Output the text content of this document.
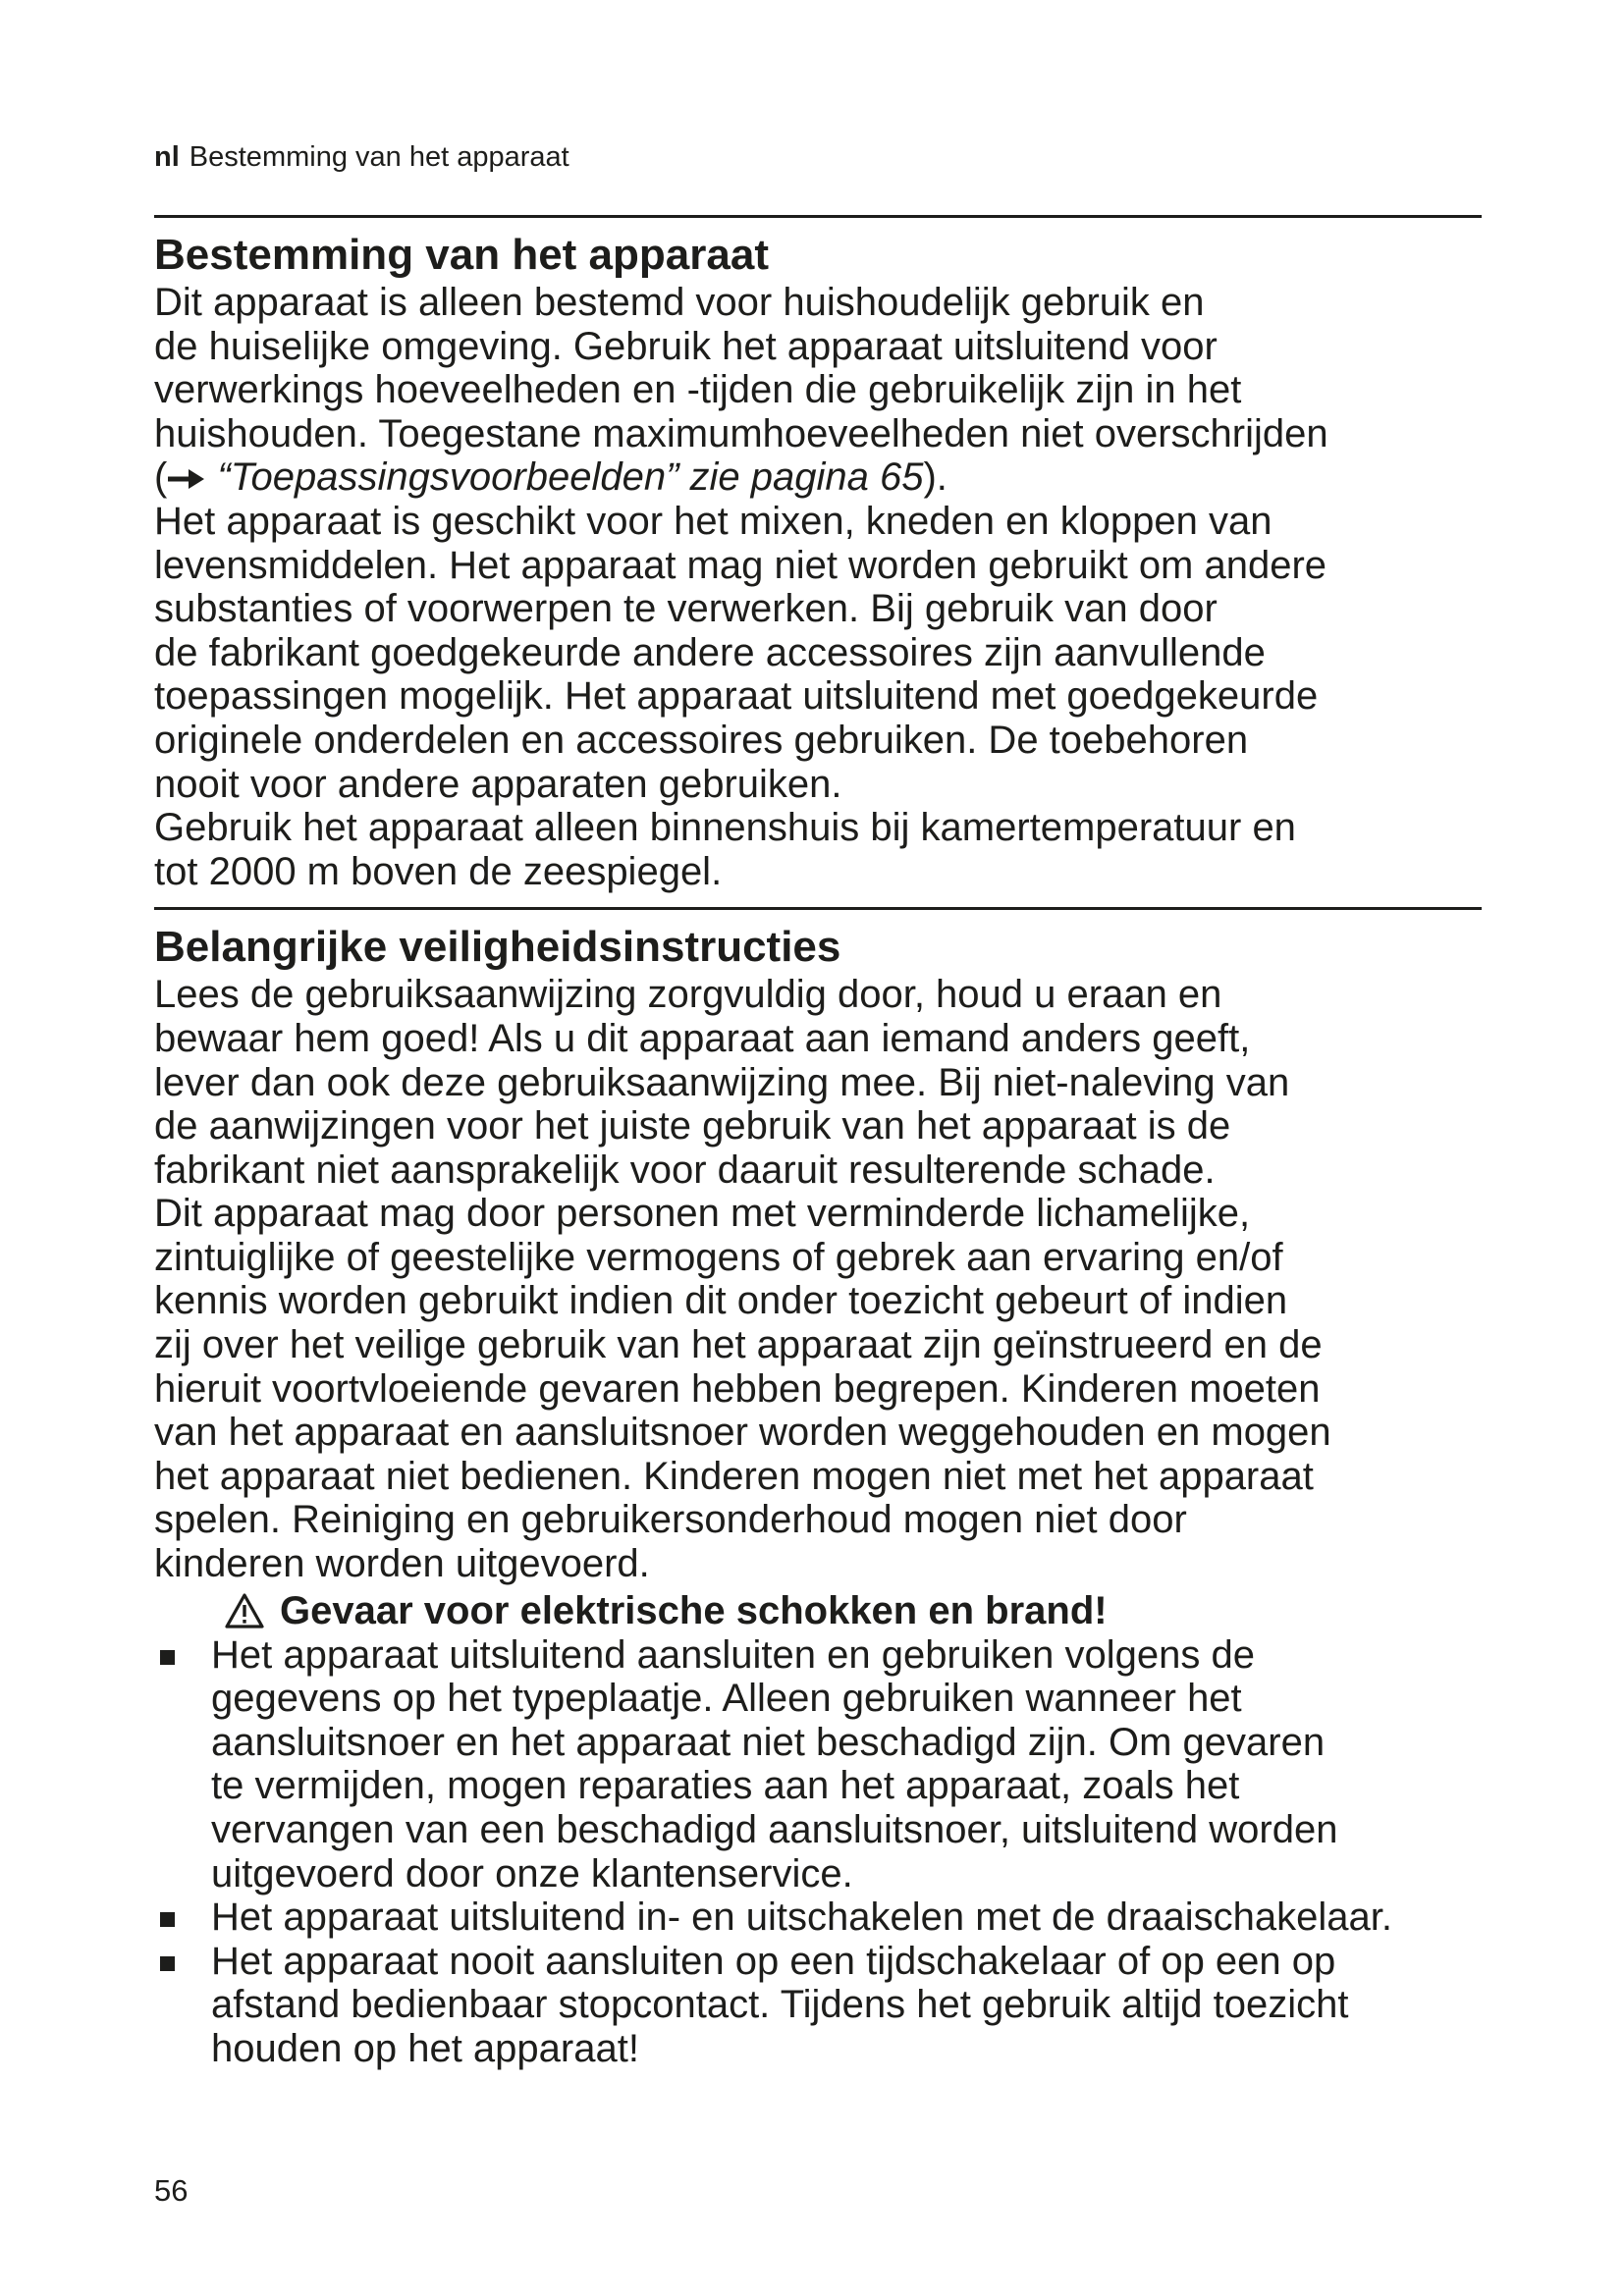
nl Bestemming van het apparaat
Bestemming van het apparaat
Dit apparaat is alleen bestemd voor huishoudelijk gebruik en
de huiselijke omgeving. Gebruik het apparaat uitsluitend voor
verwerkings hoeveelheden en -tijden die gebruikelijk zijn in het
huishouden. Toegestane maximumhoeveelheden niet overschrijden
( “Toepassingsvoorbeelden” zie pagina 65).
Het apparaat is geschikt voor het mixen, kneden en kloppen van
levensmiddelen. Het apparaat mag niet worden gebruikt om andere
substanties of voorwerpen te verwerken. Bij gebruik van door
de fabrikant goedgekeurde andere accessoires zijn aanvullende
toepassingen mogelijk. Het apparaat uitsluitend met goedgekeurde
originele onderdelen en accessoires gebruiken. De toebehoren
nooit voor andere apparaten gebruiken.
Gebruik het apparaat alleen binnenshuis bij kamertemperatuur en
tot 2000 m boven de zeespiegel.
Belangrijke veiligheidsinstructies
Lees de gebruiksaanwijzing zorgvuldig door, houd u eraan en
bewaar hem goed! Als u dit apparaat aan iemand anders geeft,
lever dan ook deze gebruiksaanwijzing mee. Bij niet-naleving van
de aanwijzingen voor het juiste gebruik van het apparaat is de
fabrikant niet aansprakelijk voor daaruit resulterende schade.
Dit apparaat mag door personen met verminderde lichamelijke,
zintuiglijke of geestelijke vermogens of gebrek aan ervaring en/of
kennis worden gebruikt indien dit onder toezicht gebeurt of indien
zij over het veilige gebruik van het apparaat zijn geïnstrueerd en de
hieruit voortvloeiende gevaren hebben begrepen. Kinderen moeten
van het apparaat en aansluitsnoer worden weggehouden en mogen
het apparaat niet bedienen. Kinderen mogen niet met het apparaat
spelen. Reiniging en gebruikersonderhoud mogen niet door
kinderen worden uitgevoerd.
Gevaar voor elektrische schokken en brand!
Het apparaat uitsluitend aansluiten en gebruiken volgens de
gegevens op het typeplaatje. Alleen gebruiken wanneer het
aansluitsnoer en het apparaat niet beschadigd zijn. Om gevaren
te vermijden, mogen reparaties aan het apparaat, zoals het
vervangen van een beschadigd aansluitsnoer, uitsluitend worden
uitgevoerd door onze klantenservice.
Het apparaat uitsluitend in- en uitschakelen met de draaischakelaar.
Het apparaat nooit aansluiten op een tijdschakelaar of op een op
afstand bedienbaar stopcontact. Tijdens het gebruik altijd toezicht
houden op het apparaat!
56
